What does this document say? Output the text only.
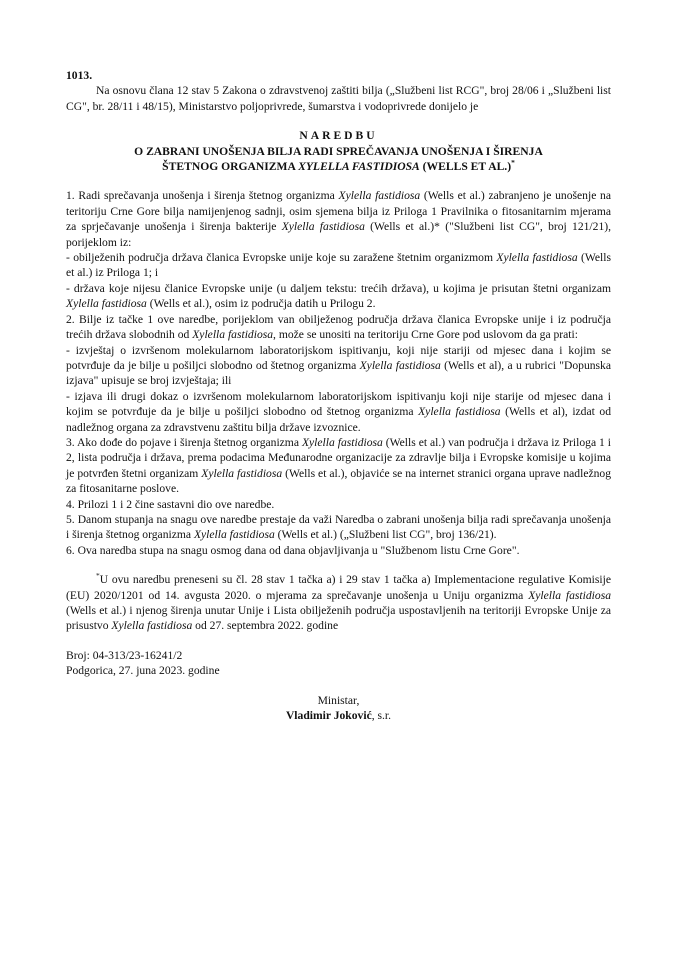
1013.

Na osnovu člana 12 stav 5 Zakona o zdravstvenoj zaštiti bilja („Službeni list RCG", broj 28/06 i „Službeni list CG", br. 28/11 i 48/15), Ministarstvo poljoprivrede, šumarstva i vodoprivrede donijelo je

NAREDBU

O ZABRANI UNOŠENJA BILJA RADI SPREČAVANJA UNOŠENJA I ŠIRENJA

ŠTETNOG ORGANIZMA XYLELLA FASTIDIOSA (WELLS ET AL.)*

1. Radi sprečavanja unošenja i širenja štetnog organizma Xylella fastidiosa (Wells et al.) zabranjeno je unošenje na teritoriju Crne Gore bilja namijenjenog sadnji, osim sjemena bilja iz Priloga 1 Pravilnika o fitosanitarnim mjerama za sprječavanje unošenja i širenja bakterije Xylella fastidiosa (Wells et al.)* ("Službeni list CG", broj 121/21), porijeklom iz:

- obilježenih područja država članica Evropske unije koje su zaražene štetnim organizmom Xylella fastidiosa (Wells et al.) iz Priloga 1; i

- država koje nijesu članice Evropske unije (u daljem tekstu: trećih država), u kojima je prisutan štetni organizam Xylella fastidiosa (Wells et al.), osim iz područja datih u Prilogu 2.

2. Bilje iz tačke 1 ove naredbe, porijeklom van obilježenog područja država članica Evropske unije i iz područja trećih država slobodnih od Xylella fastidiosa, može se unositi na teritoriju Crne Gore pod uslovom da ga prati:

- izvještaj o izvršenom molekularnom laboratorijskom ispitivanju, koji nije stariji od mjesec dana i kojim se potvrđuje da je bilje u pošiljci slobodno od štetnog organizma Xylella fastidiosa (Wells et al), a u rubrici "Dopunska izjava" upisuje se broj izvještaja; ili

- izjava ili drugi dokaz o izvršenom molekularnom laboratorijskom ispitivanju koji nije starije od mjesec dana i kojim se potvrđuje da je bilje u pošiljci slobodno od štetnog organizma Xylella fastidiosa (Wells et al), izdat od nadležnog organa za zdravstvenu zaštitu bilja države izvoznice.

3. Ako dođe do pojave i širenja štetnog organizma Xylella fastidiosa (Wells et al.) van područja i država iz Priloga 1 i 2, lista područja i država, prema podacima Međunarodne organizacije za zdravlje bilja i Evropske komisije u kojima je potvrđen štetni organizam Xylella fastidiosa (Wells et al.), objaviće se na internet stranici organa uprave nadležnog za fitosanitarne poslove.

4. Prilozi 1 i 2 čine sastavni dio ove naredbe.

5. Danom stupanja na snagu ove naredbe prestaje da važi Naredba o zabrani unošenja bilja radi sprečavanja unošenja i širenja štetnog organizma Xylella fastidiosa (Wells et al.) („Službeni list CG", broj 136/21).

6. Ova naredba stupa na snagu osmog dana od dana objavljivanja u "Službenom listu Crne Gore".

*U ovu naredbu preneseni su čl. 28 stav 1 tačka a) i 29 stav 1 tačka a) Implementacione regulative Komisije (EU) 2020/1201 od 14. avgusta 2020. o mjerama za sprečavanje unošenja u Uniju organizma Xylella fastidiosa (Wells et al.) i njenog širenja unutar Unije i Lista obilježenih područja uspostavljenih na teritoriji Evropske Unije za prisustvo Xylella fastidiosa od 27. septembra 2022. godine

Broj: 04-313/23-16241/2

Podgorica, 27. juna 2023. godine

Ministar,

Vladimir Joković, s.r.
